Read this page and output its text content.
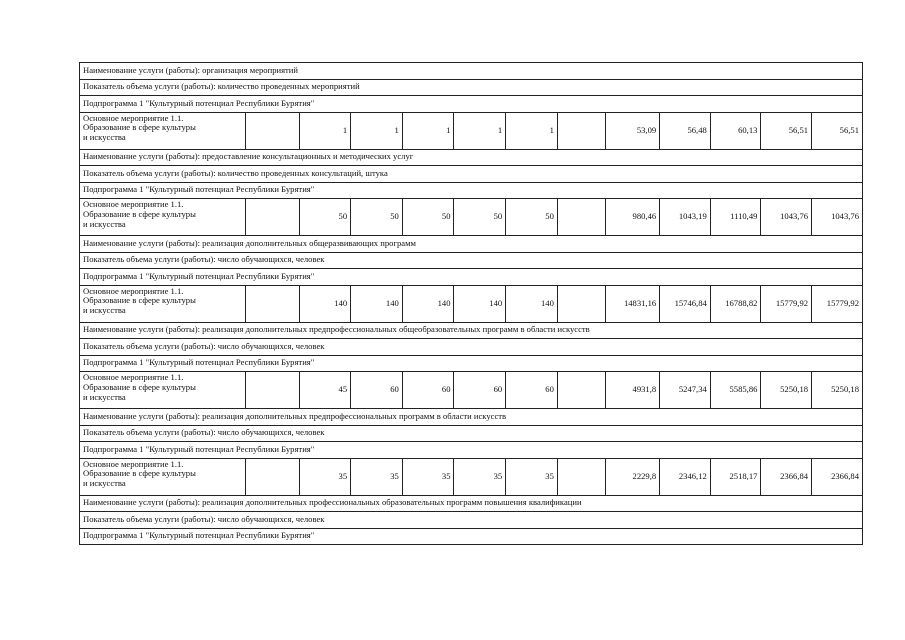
Наименование услуги (работы): организация мероприятий												
Показатель объема услуги (работы): количество проведенных мероприятий												
Подпрограмма 1 "Культурный потенциал Республики Бурятия"												
Основное мероприятие 1.1.
Образование в сфере культуры
и искусства		1	1	1	1	1		53,09	56,48	60,13	56,51	56,51
Наименование услуги (работы): предоставление консультационных и методических услуг												
Показатель объема услуги (работы): количество проведенных консультаций, штука												
Подпрограмма 1 "Культурный потенциал Республики Бурятия"												
Основное мероприятие 1.1.
Образование в сфере культуры
и искусства		50	50	50	50	50		980,46	1043,19	1110,49	1043,76	1043,76
Наименование услуги (работы): реализация дополнительных общеразвивающих программ												
Показатель объема услуги (работы): число обучающихся, человек												
Подпрограмма 1 "Культурный потенциал Республики Бурятия"												
Основное мероприятие 1.1.
Образование в сфере культуры
и искусства		140	140	140	140	140		14831,16	15746,84	16788,82	15779,92	15779,92
Наименование услуги (работы): реализация дополнительных предпрофессиональных общеобразовательных программ в области искусств												
Показатель объема услуги (работы): число обучающихся, человек												
Подпрограмма 1 "Культурный потенциал Республики Бурятия"												
Основное мероприятие 1.1.
Образование в сфере культуры
и искусства		45	60	60	60	60		4931,8	5247,34	5585,86	5250,18	5250,18
Наименование услуги (работы): реализация дополнительных предпрофессиональных программ в области искусств												
Показатель объема услуги (работы): число обучающихся, человек												
Подпрограмма 1 "Культурный потенциал Республики Бурятия"												
Основное мероприятие 1.1.
Образование в сфере культуры
и искусства		35	35	35	35	35		2229,8	2346,12	2518,17	2366,84	2366,84
Наименование услуги (работы): реализация дополнительных профессиональных образовательных программ повышения квалификации												
Показатель объема услуги (работы): число обучающихся, человек												
Подпрограмма 1 "Культурный потенциал Республики Бурятия"												
